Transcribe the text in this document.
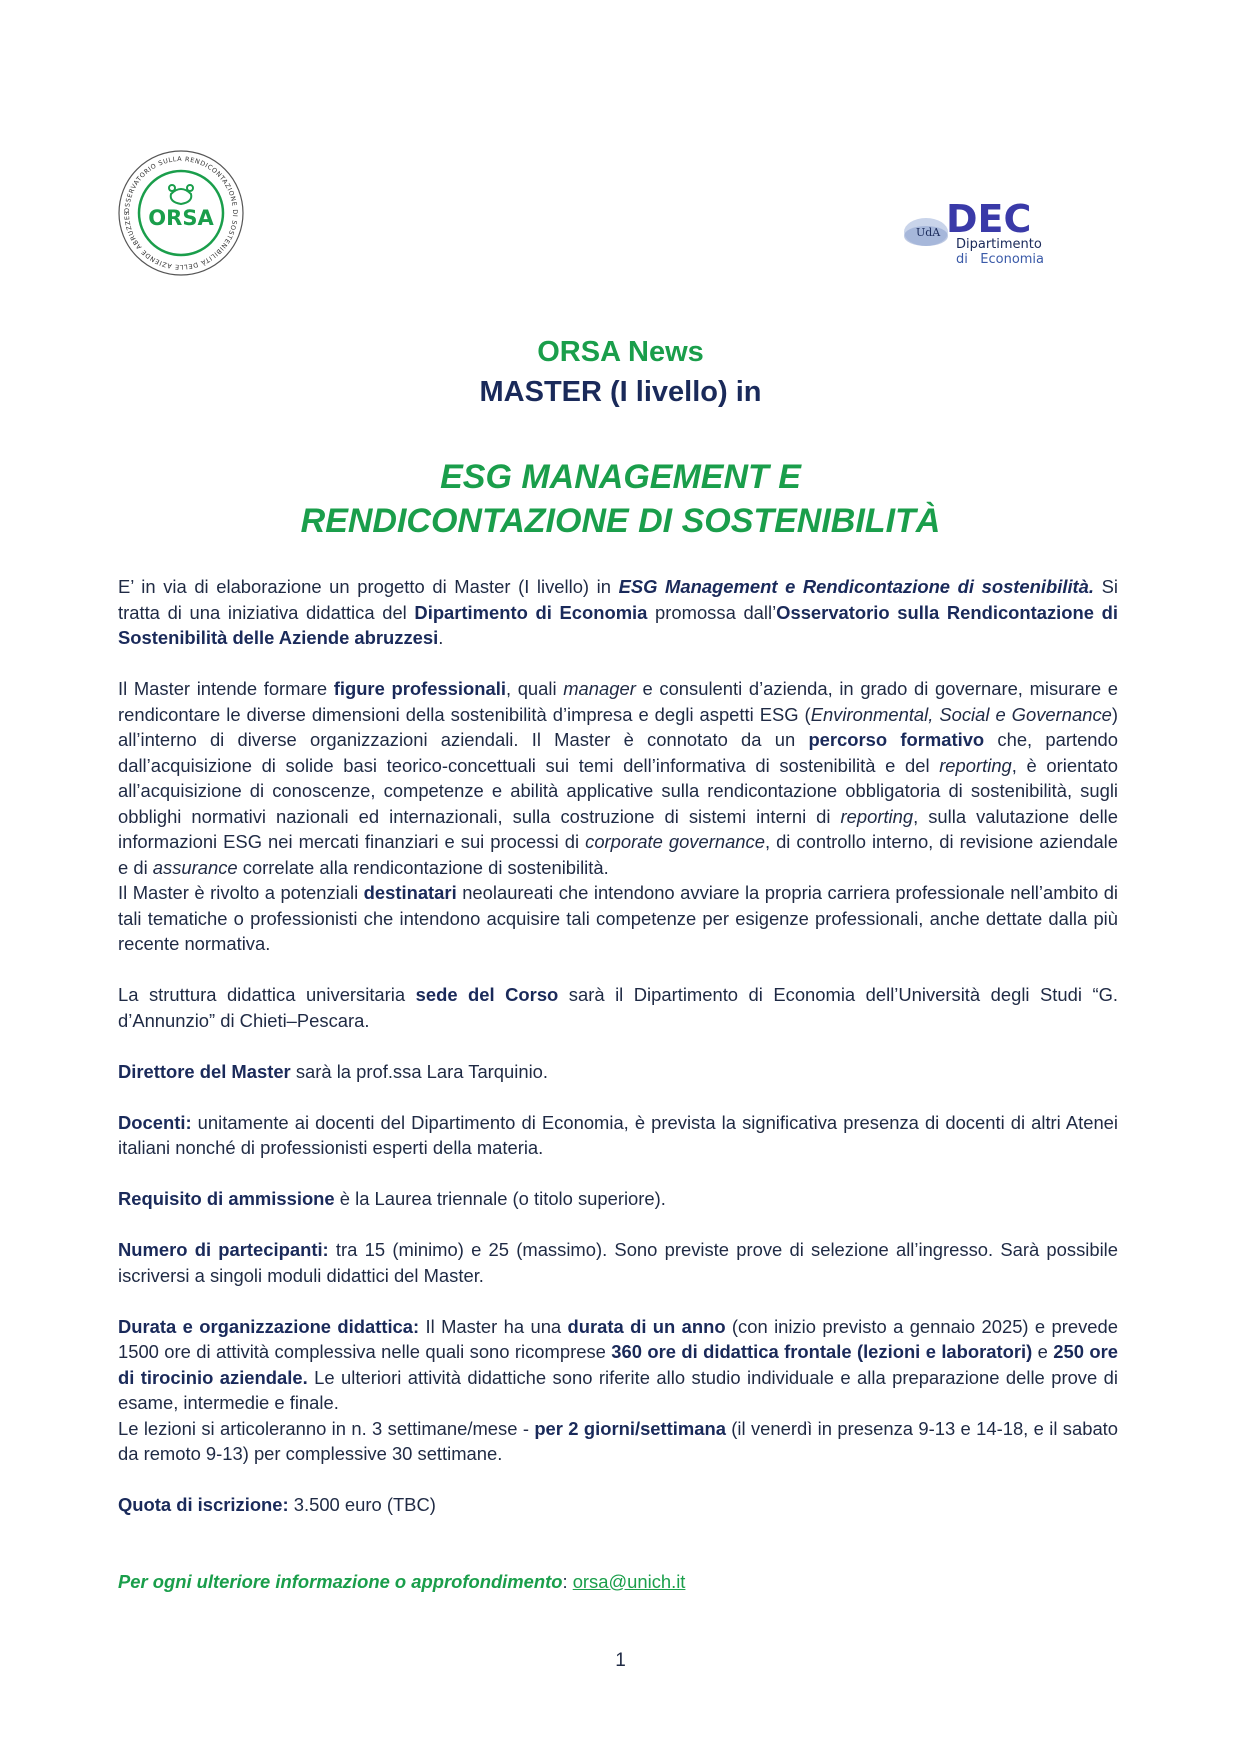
OSSERVATORIO SULLA RENDICONTAZIONE DI SOSTENIBILITÀ DELLE AZIENDE ABRUZZES ORSA
UdA DEC
Dipartimento
di   Economia
ORSA News
MASTER (I livello) in
ESG MANAGEMENT E
RENDICONTAZIONE DI SOSTENIBILITÀ

E’ in via di elaborazione un progetto di Master (I livello) in ESG Management e Rendicontazione di sostenibilità. Si tratta di una iniziativa didattica del Dipartimento di Economia promossa dall’Osservatorio sulla Rendicontazione di Sostenibilità delle Aziende abruzzesi.

Il Master intende formare figure professionali, quali manager e consulenti d’azienda, in grado di governare, misurare e rendicontare le diverse dimensioni della sostenibilità d’impresa e degli aspetti ESG (Environmental, Social e Governance) all’interno di diverse organizzazioni aziendali. Il Master è connotato da un percorso formativo che, partendo dall’acquisizione di solide basi teorico-concettuali sui temi dell’informativa di sostenibilità e del reporting, è orientato all’acquisizione di conoscenze, competenze e abilità applicative sulla rendicontazione obbligatoria di sostenibilità, sugli obblighi normativi nazionali ed internazionali, sulla costruzione di sistemi interni di reporting, sulla valutazione delle informazioni ESG nei mercati finanziari e sui processi di corporate governance, di controllo interno, di revisione aziendale e di assurance correlate alla rendicontazione di sostenibilità.

Il Master è rivolto a potenziali destinatari neolaureati che intendono avviare la propria carriera professionale nell’ambito di tali tematiche o professionisti che intendono acquisire tali competenze per esigenze professionali, anche dettate dalla più recente normativa.

La struttura didattica universitaria sede del Corso sarà il Dipartimento di Economia dell’Università degli Studi “G. d’Annunzio” di Chieti–Pescara.

Direttore del Master sarà la prof.ssa Lara Tarquinio.

Docenti: unitamente ai docenti del Dipartimento di Economia, è prevista la significativa presenza di docenti di altri Atenei italiani nonché di professionisti esperti della materia.

Requisito di ammissione è la Laurea triennale (o titolo superiore).

Numero di partecipanti: tra 15 (minimo) e 25 (massimo). Sono previste prove di selezione all’ingresso. Sarà possibile iscriversi a singoli moduli didattici del Master.

Durata e organizzazione didattica: Il Master ha una durata di un anno (con inizio previsto a gennaio 2025) e prevede 1500 ore di attività complessiva nelle quali sono ricomprese 360 ore di didattica frontale (lezioni e laboratori) e 250 ore di tirocinio aziendale. Le ulteriori attività didattiche sono riferite allo studio individuale e alla preparazione delle prove di esame, intermedie e finale.

Le lezioni si articoleranno in n. 3 settimane/mese - per 2 giorni/settimana (il venerdì in presenza 9-13 e 14-18, e il sabato da remoto 9-13) per complessive 30 settimane.

Quota di iscrizione: 3.500 euro (TBC)

Per ogni ulteriore informazione o approfondimento: orsa@unich.it

1
